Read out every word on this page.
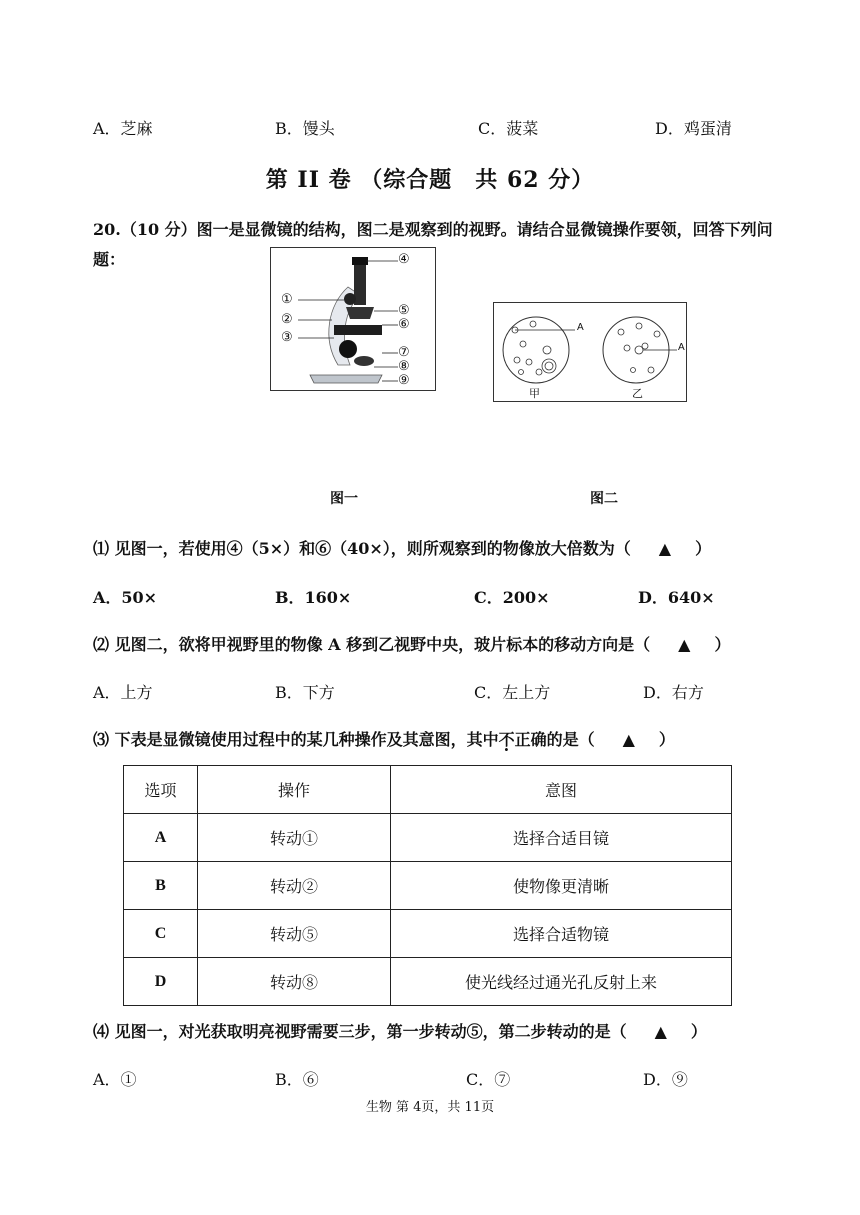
A．芝麻	B．馒头	C．菠菜	D．鸡蛋清
第 II 卷 （综合题　共 62 分）
20.（10 分）图一是显微镜的结构，图二是观察到的视野。请结合显微镜操作要领，回答下列问题：	④
①
②
③
⑤
⑥
⑦
⑧
⑨
A
A
甲	乙
图一	图二
⑴ 见图一，若使用④（5×）和⑥（40×），则所观察到的物像放大倍数为（ ▲ ）
A．50×	B．160×	C．200×	D．640×
⑵ 见图二，欲将甲视野里的物像 A 移到乙视野中央，玻片标本的移动方向是（ ▲ ）
A．上方	B．下方	C．左上方	D．右方
⑶ 下表是显微镜使用过程中的某几种操作及其意图，其中不正确的是（ ▲ ）
选项	操作	意图
A	转动①	选择合适目镜
B	转动②	使物像更清晰
C	转动⑤	选择合适物镜
D	转动⑧	使光线经过通光孔反射上来
⑷ 见图一，对光获取明亮视野需要三步，第一步转动⑤，第二步转动的是（ ▲ ）
A．①	B．⑥	C．⑦	D．⑨
生物 第 4页，共 11页
